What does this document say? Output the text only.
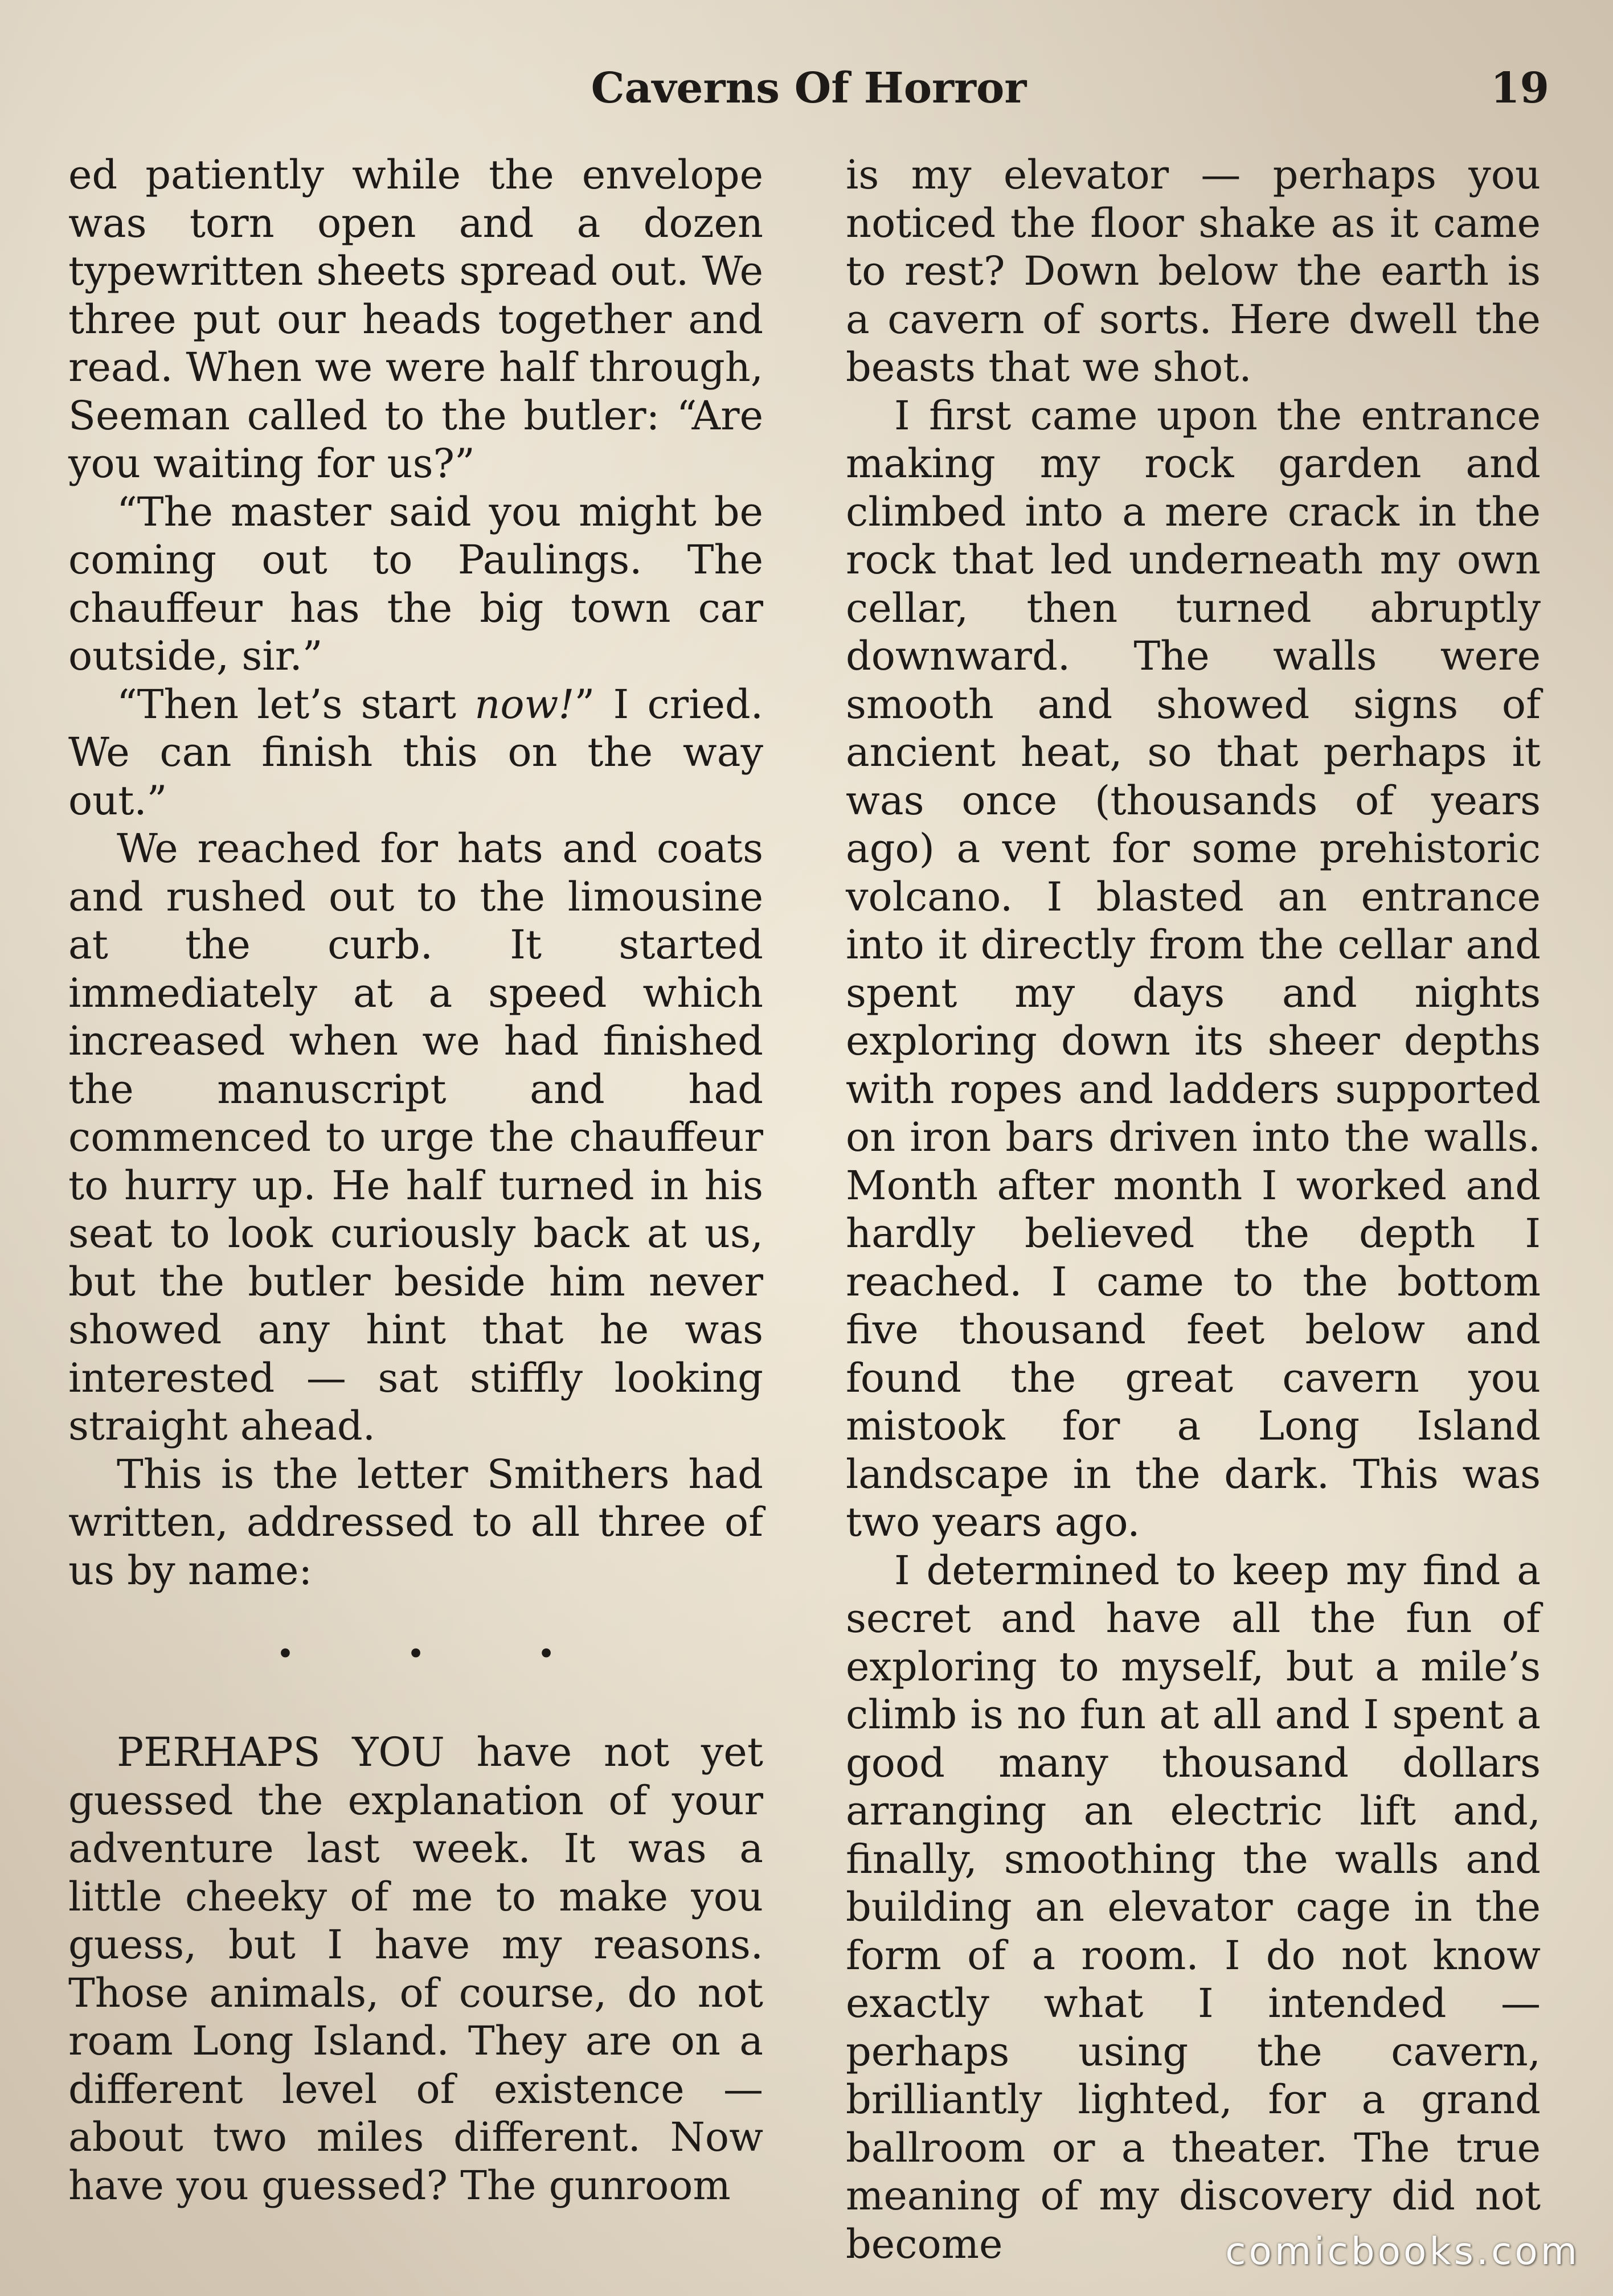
Caverns Of Horror	19

ed patiently while the envelope was torn open and a dozen typewritten sheets spread out. We three put our heads together and read. When we were half through, Seeman called to the butler: “Are you waiting for us?”

“The master said you might be coming out to Paulings. The chauffeur has the big town car outside, sir.”

“Then let’s start now!” I cried. We can finish this on the way out.”

We reached for hats and coats and rushed out to the limousine at the curb. It started immediately at a speed which increased when we had finished the manuscript and had commenced to urge the chauffeur to hurry up. He half turned in his seat to look curiously back at us, but the butler beside him never showed any hint that he was interested — sat stiffly looking straight ahead.

This is the letter Smithers had written, addressed to all three of us by name:

• • •

PERHAPS YOU have not yet guessed the explanation of your adventure last week. It was a little cheeky of me to make you guess, but I have my reasons. Those animals, of course, do not roam Long Island. They are on a different level of existence — about two miles different. Now have you guessed? The gunroom

is my elevator — perhaps you noticed the floor shake as it came to rest? Down below the earth is a cavern of sorts. Here dwell the beasts that we shot.

I first came upon the entrance making my rock garden and climbed into a mere crack in the rock that led underneath my own cellar, then turned abruptly downward. The walls were smooth and showed signs of ancient heat, so that perhaps it was once (thousands of years ago) a vent for some prehistoric volcano. I blasted an entrance into it directly from the cellar and spent my days and nights exploring down its sheer depths with ropes and ladders supported on iron bars driven into the walls. Month after month I worked and hardly believed the depth I reached. I came to the bottom five thousand feet below and found the great cavern you mistook for a Long Island landscape in the dark. This was two years ago.

I determined to keep my find a secret and have all the fun of exploring to myself, but a mile’s climb is no fun at all and I spent a good many thousand dollars arranging an electric lift and, finally, smoothing the walls and building an elevator cage in the form of a room. I do not know exactly what I intended — perhaps using the cavern, brilliantly lighted, for a grand ballroom or a theater. The true meaning of my discovery did not become	comicbooks.com
